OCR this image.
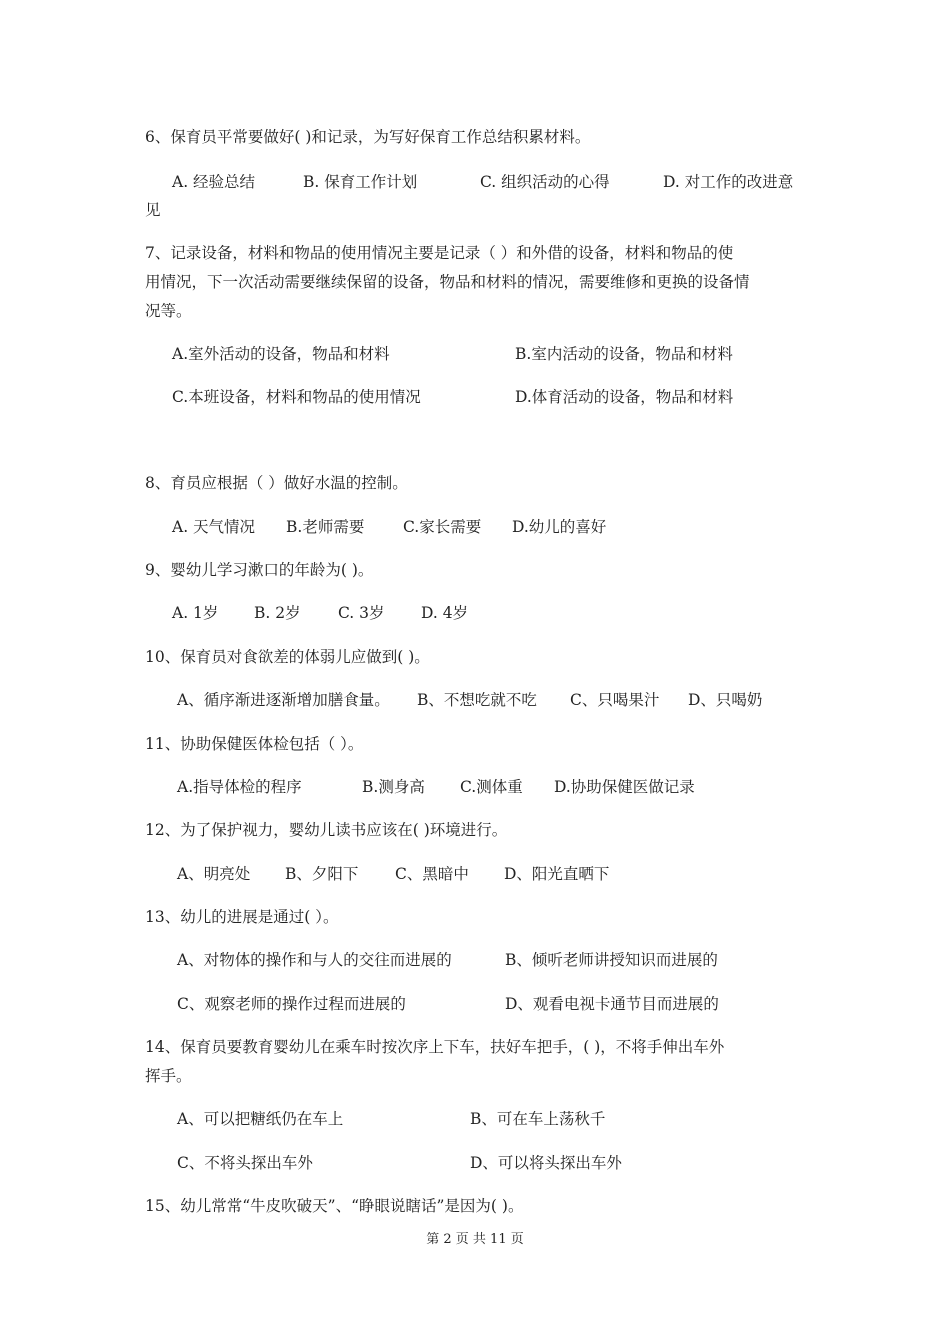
6、保育员平常要做好( )和记录，为写好保育工作总结积累材料。
A. 经验总结	B. 保育工作计划	C. 组织活动的心得	D. 对工作的改进意
见
7、记录设备，材料和物品的使用情况主要是记录（ ）和外借的设备，材料和物品的使
用情况，下一次活动需要继续保留的设备，物品和材料的情况，需要维修和更换的设备情
况等。
A.室外活动的设备，物品和材料	B.室内活动的设备，物品和材料
C.本班设备，材料和物品的使用情况	D.体育活动的设备，物品和材料
8、育员应根据（ ）做好水温的控制。
A. 天气情况 B.老师需要 C.家长需要 D.幼儿的喜好
9、婴幼儿学习漱口的年龄为( )。
A. 1岁 B. 2岁 C. 3岁 D. 4岁
10、保育员对食欲差的体弱儿应做到( )。
A、循序渐进逐渐增加膳食量。 B、不想吃就不吃 C、只喝果汁 D、只喝奶
11、协助保健医体检包括（ ）。
A.指导体检的程序	B.测身高 C.测体重 D.协助保健医做记录
12、为了保护视力，婴幼儿读书应该在( )环境进行。
A、明亮处 B、夕阳下 C、黑暗中 D、阳光直晒下
13、幼儿的进展是通过( ）。
A、对物体的操作和与人的交往而进展的	B、倾听老师讲授知识而进展的
C、观察老师的操作过程而进展的	D、观看电视卡通节目而进展的
14、保育员要教育婴幼儿在乘车时按次序上下车，扶好车把手，( )，不将手伸出车外
挥手。
A、可以把糖纸仍在车上	B、可在车上荡秋千
C、不将头探出车外	D、可以将头探出车外
15、幼儿常常“牛皮吹破天”、“睁眼说瞎话”是因为( )。
第 2 页 共 11 页
